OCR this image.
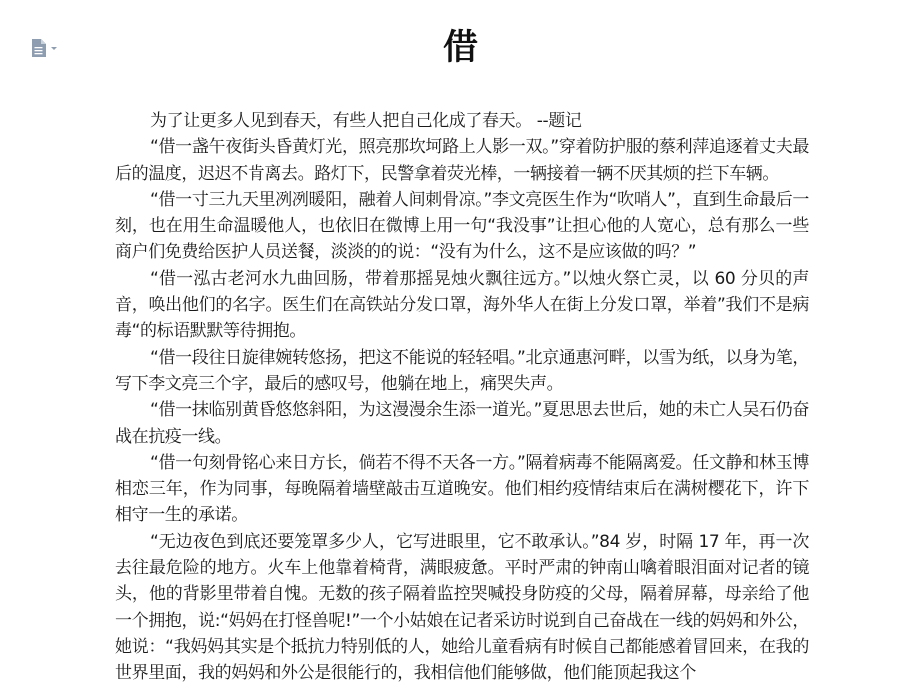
借

为了让更多人见到春天，有些人把自己化成了春天。 --题记

“借一盏午夜街头昏黄灯光，照亮那坎坷路上人影一双。”穿着防护服的蔡利萍追逐着丈夫最后的温度，迟迟不肯离去。路灯下，民警拿着荧光棒，一辆接着一辆不厌其烦的拦下车辆。

“借一寸三九天里冽冽暖阳，融着人间刺骨凉。”李文亮医生作为“吹哨人”，直到生命最后一刻，也在用生命温暖他人，也依旧在微博上用一句“我没事”让担心他的人宽心，总有那么一些商户们免费给医护人员送餐，淡淡的的说：“没有为什么，这不是应该做的吗？”

“借一泓古老河水九曲回肠，带着那摇晃烛火飘往远方。”以烛火祭亡灵，以 60 分贝的声音，唤出他们的名字。医生们在高铁站分发口罩，海外华人在街上分发口罩，举着”我们不是病毒“的标语默默等待拥抱。

“借一段往日旋律婉转悠扬，把这不能说的轻轻唱。”北京通惠河畔，以雪为纸，以身为笔，写下李文亮三个字，最后的感叹号，他躺在地上，痛哭失声。

“借一抹临别黄昏悠悠斜阳，为这漫漫余生添一道光。”夏思思去世后，她的未亡人吴石仍奋战在抗疫一线。

“借一句刻骨铭心来日方长，倘若不得不天各一方。”隔着病毒不能隔离爱。任文静和林玉博相恋三年，作为同事，每晚隔着墙壁敲击互道晚安。他们相约疫情结束后在满树樱花下，许下相守一生的承诺。

“无边夜色到底还要笼罩多少人，它写进眼里，它不敢承认。”84 岁，时隔 17 年，再一次去往最危险的地方。火车上他靠着椅背，满眼疲惫。平时严肃的钟南山噙着眼泪面对记者的镜头，他的背影里带着自愧。无数的孩子隔着监控哭喊投身防疫的父母，隔着屏幕，母亲给了他一个拥抱，说:“妈妈在打怪兽呢!”一个小姑娘在记者采访时说到自己奋战在一线的妈妈和外公，她说：“我妈妈其实是个抵抗力特别低的人，她给儿童看病有时候自己都能感着冒回来，在我的世界里面，我的妈妈和外公是很能行的，我相信他们能够做，他们能顶起我这个
